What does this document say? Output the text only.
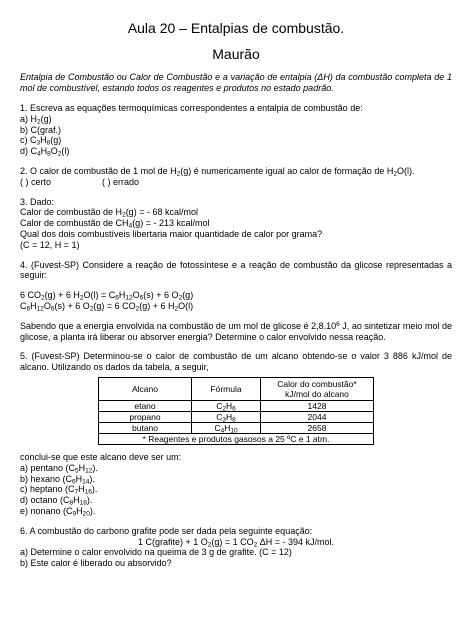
Aula 20 – Entalpias de combustão.
Maurão
Entalpia de Combustão ou Calor de Combustão e a variação de entalpia (ΔH) da combustão completa de 1 mol de combustível, estando todos os reagentes e produtos no estado padrão.

1. Escreva as equações termoquímicas correspondentes a entalpia de combustão de:

a) $H_2(g)$

b) C(graf.)

c) $C_3H_8(g)$

d) $C_4H_8O_2(l)$

2. O calor de combustão de 1 mol de $H_2(g)$ é numericamente igual ao calor de formação de $H_2O(l)$.

( ) certo	( ) errado

3. Dado:

Calor de combustão de $H_2(g)$ = - 68 kcal/mol

Calor de combustão de $CH_4(g)$ = - 213 kcal/mol

Qual dos dois combustíveis libertaria maior quantidade de calor por grama?

(C = 12, H = 1)

4. (Fuvest-SP) Considere a reação de fotossíntese e a reação de combustão da glicose representadas a seguir:

6 $CO_2(g) + 6$ $H_2O(l) = C_6H_{12}O_6(s) + 6$ $O_2(g)$

$C_6H_{12}O_6(s) + 6$ $O_2(g) = 6$ $CO_2(g) + 6$ $H_2O(l)$

Sabendo que a energia envolvida na combustão de um mol de glicose é 2,8.10$^6$ J, ao sintetizar meio mol de glicose, a planta irá liberar ou absorver energia? Determine o calor envolvido nessa reação.

5. (Fuvest-SP) Determinou-se o calor de combustão de um alcano obtendo-se o valor 3 886 kJ/mol de alcano. Utilizando os dados da tabela, a seguir,

Alcano	Fórmula	Calor do combustão*
kJ/mol do alcano
etano	$C_2H_6$	1428
propano	$C_3H_8$	2044
butano	$C_4H_{10}$	2658
* Reagentes e produtos gasosos a 25 ºC e 1 atm.		

conclui-se que este alcano deve ser um:

a) pentano $(C_5H_{12})$.

b) hexano $(C_6H_{14})$.

c) heptano $(C_7H_{16})$.

d) octano $(C_8H_{18})$.

e) nonano $(C_9H_{20})$.

6. A combustão do carbono grafite pode ser dada pela seguinte equação:

1 C(grafite) + 1 $O_2(g) = 1$ $CO_2$ ΔH = - 394 kJ/mol.

a) Determine o calor envolvido na queima de 3 g de grafite. (C = 12)

b) Este calor é liberado ou absorvido?
